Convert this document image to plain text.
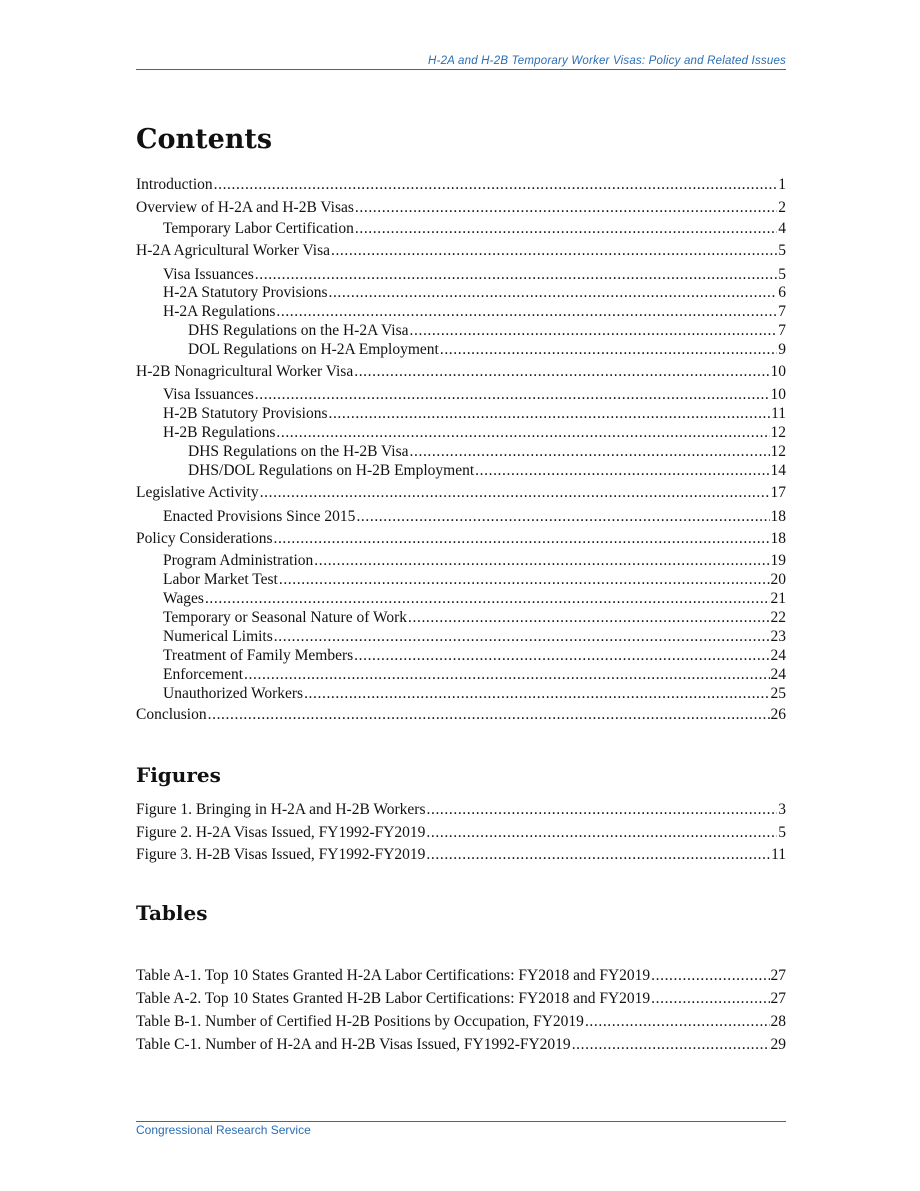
H-2A and H-2B Temporary Worker Visas: Policy and Related Issues
Contents
Introduction .....	1
Overview of H-2A and H-2B Visas .....	2
Temporary Labor Certification .....	4
H-2A Agricultural Worker Visa .....	5
Visa Issuances .....	5
H-2A Statutory Provisions .....	6
H-2A Regulations .....	7
DHS Regulations on the H-2A Visa .....	7
DOL Regulations on H-2A Employment .....	9
H-2B Nonagricultural Worker Visa .....	10
Visa Issuances .....	10
H-2B Statutory Provisions .....	11
H-2B Regulations .....	12
DHS Regulations on the H-2B Visa .....	12
DHS/DOL Regulations on H-2B Employment .....	14
Legislative Activity .....	17
Enacted Provisions Since 2015 .....	18
Policy Considerations .....	18
Program Administration .....	19
Labor Market Test .....	20
Wages .....	21
Temporary or Seasonal Nature of Work .....	22
Numerical Limits .....	23
Treatment of Family Members .....	24
Enforcement .....	24
Unauthorized Workers .....	25
Conclusion .....	26
Figures
Figure 1. Bringing in H-2A and H-2B Workers .....	3
Figure 2. H-2A Visas Issued, FY1992-FY2019 .....	5
Figure 3. H-2B Visas Issued, FY1992-FY2019 .....	11
Tables
Table A-1. Top 10 States Granted H-2A Labor Certifications: FY2018 and FY2019 .....	27
Table A-2. Top 10 States Granted H-2B Labor Certifications: FY2018 and FY2019 .....	27
Table B-1. Number of Certified H-2B Positions by Occupation, FY2019 .....	28
Table C-1. Number of H-2A and H-2B Visas Issued, FY1992-FY2019 .....	29
Congressional Research Service
